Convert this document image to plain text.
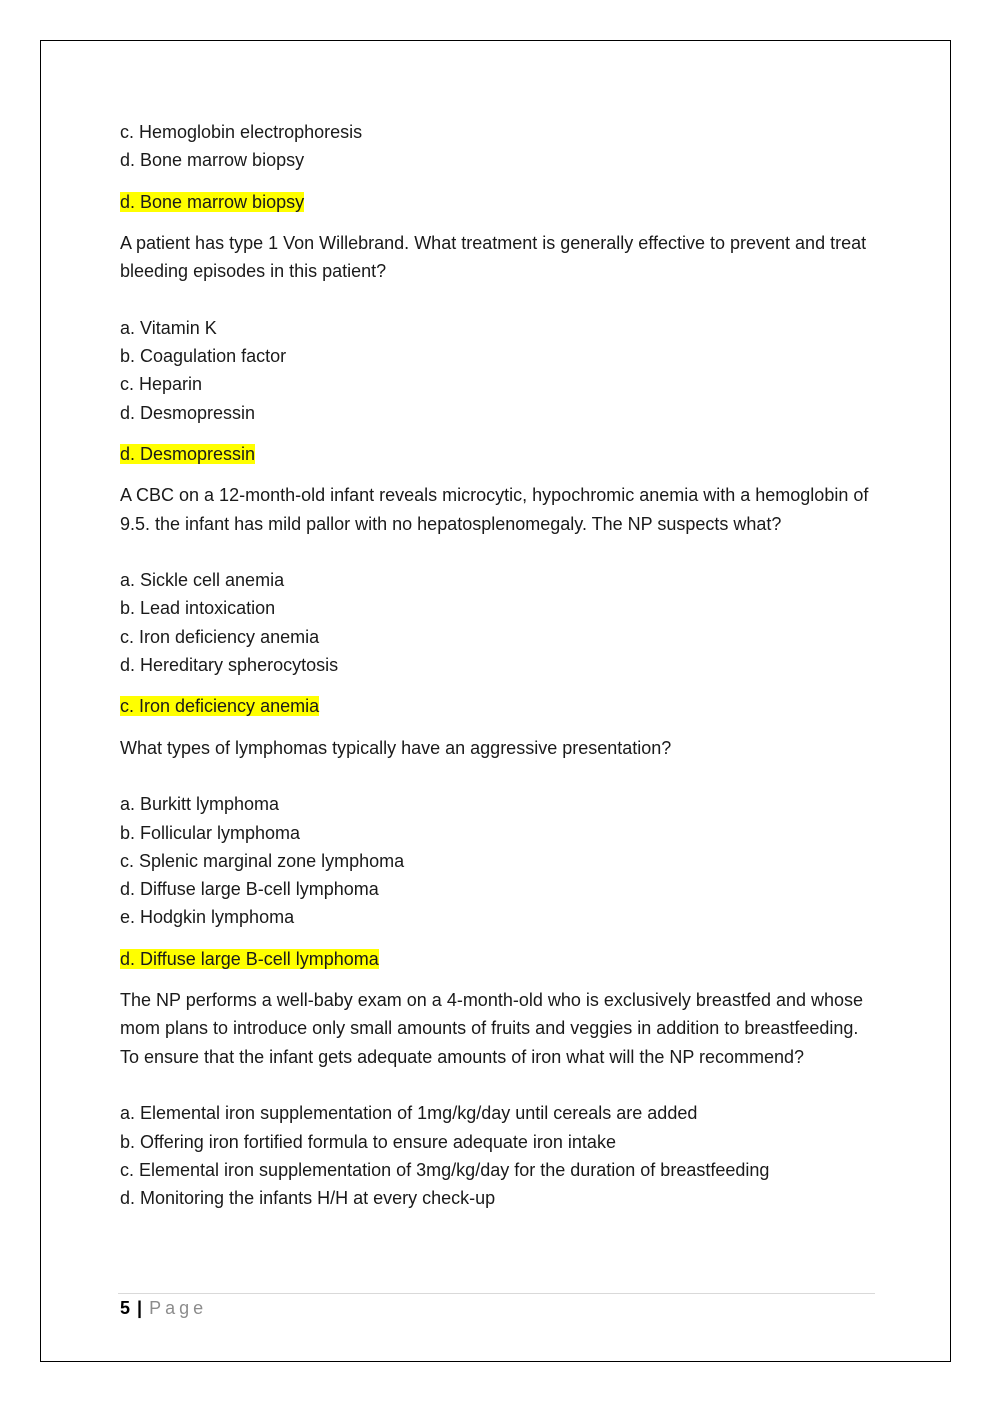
c. Hemoglobin electrophoresis
d. Bone marrow biopsy
d. Bone marrow biopsy
A patient has type 1 Von Willebrand. What treatment is generally effective to prevent and treat bleeding episodes in this patient?
a. Vitamin K
b. Coagulation factor
c. Heparin
d. Desmopressin
d. Desmopressin
A CBC on a 12-month-old infant reveals microcytic, hypochromic anemia with a hemoglobin of 9.5. the infant has mild pallor with no hepatosplenomegaly. The NP suspects what?
a. Sickle cell anemia
b. Lead intoxication
c. Iron deficiency anemia
d. Hereditary spherocytosis
c. Iron deficiency anemia
What types of lymphomas typically have an aggressive presentation?
a. Burkitt lymphoma
b. Follicular lymphoma
c. Splenic marginal zone lymphoma
d. Diffuse large B-cell lymphoma
e. Hodgkin lymphoma
d. Diffuse large B-cell lymphoma
The NP performs a well-baby exam on a 4-month-old who is exclusively breastfed and whose mom plans to introduce only small amounts of fruits and veggies in addition to breastfeeding. To ensure that the infant gets adequate amounts of iron what will the NP recommend?
a. Elemental iron supplementation of 1mg/kg/day until cereals are added
b. Offering iron fortified formula to ensure adequate iron intake
c. Elemental iron supplementation of 3mg/kg/day for the duration of breastfeeding
d. Monitoring the infants H/H at every check-up
5 | Page
